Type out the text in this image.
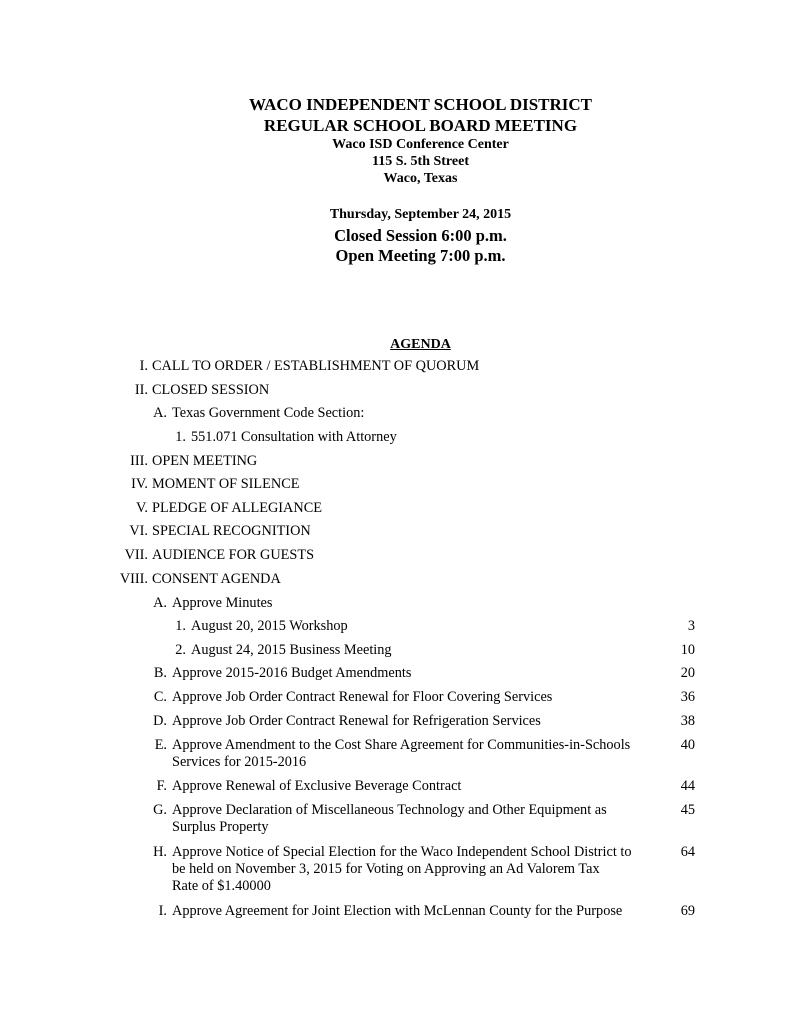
WACO INDEPENDENT SCHOOL DISTRICT
REGULAR SCHOOL BOARD MEETING
Waco ISD Conference Center
115 S. 5th Street
Waco, Texas
Thursday, September 24, 2015
Closed Session 6:00 p.m.
Open Meeting 7:00 p.m.
AGENDA
I. CALL TO ORDER / ESTABLISHMENT OF QUORUM
II. CLOSED SESSION
A. Texas Government Code Section:
1. 551.071 Consultation with Attorney
III. OPEN MEETING
IV. MOMENT OF SILENCE
V. PLEDGE OF ALLEGIANCE
VI. SPECIAL RECOGNITION
VII. AUDIENCE FOR GUESTS
VIII. CONSENT AGENDA
A. Approve Minutes
1. August 20, 2015 Workshop	3
2. August 24, 2015 Business Meeting	10
B. Approve 2015-2016 Budget Amendments	20
C. Approve Job Order Contract Renewal for Floor Covering Services	36
D. Approve Job Order Contract Renewal for Refrigeration Services	38
E. Approve Amendment to the Cost Share Agreement for Communities-in-Schools
Services for 2015-2016
40
F. Approve Renewal of Exclusive Beverage Contract	44
G. Approve Declaration of Miscellaneous Technology and Other Equipment as
Surplus Property
45
H. Approve Notice of Special Election for the Waco Independent School District to
be held on November 3, 2015 for Voting on Approving an Ad Valorem Tax
Rate of $1.40000
64
I. Approve Agreement for Joint Election with McLennan County for the Purpose	69
